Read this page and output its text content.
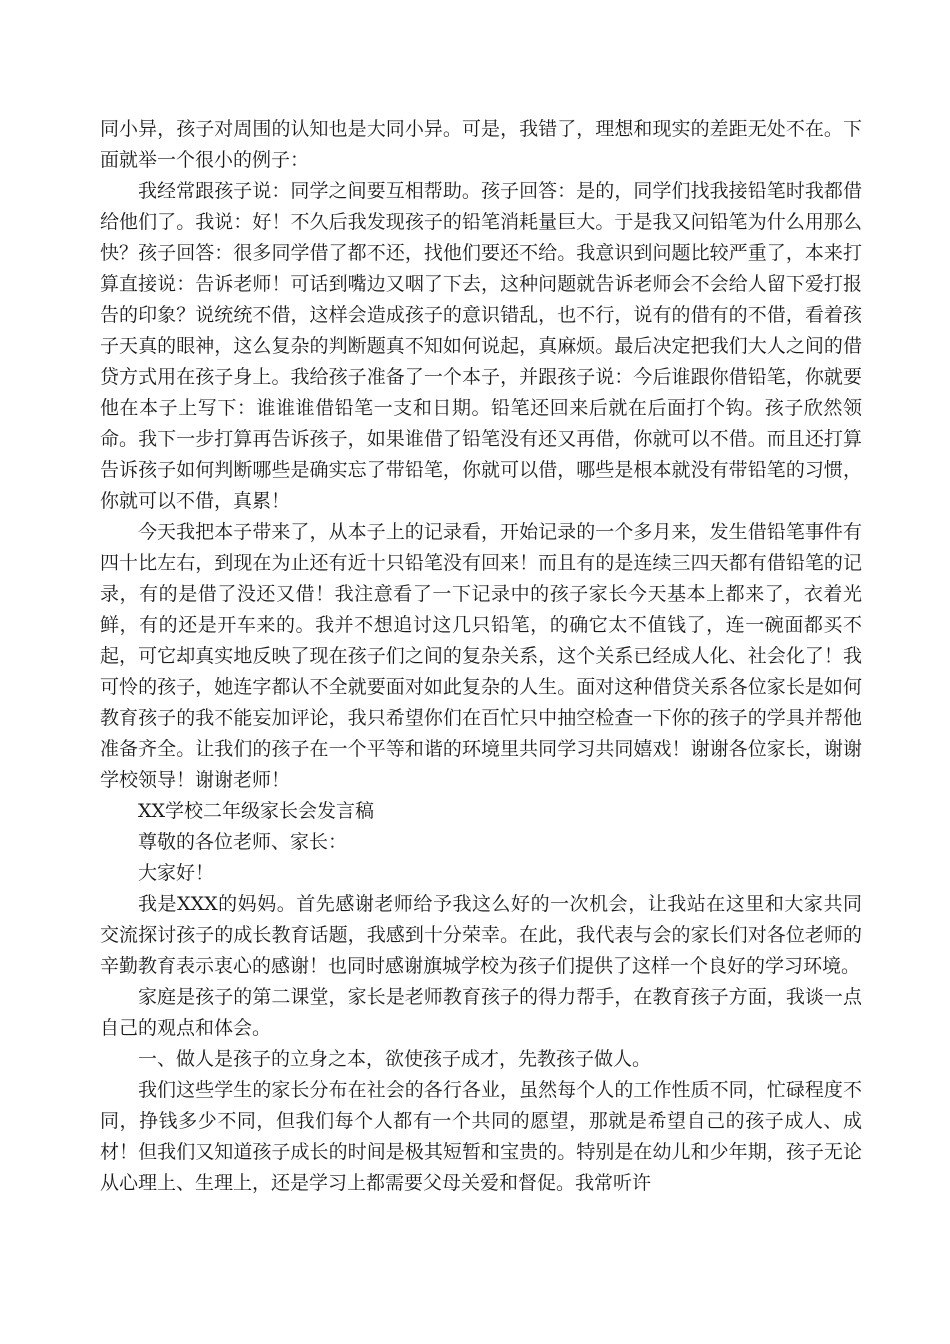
同小异，孩子对周围的认知也是大同小异。可是，我错了，理想和现实的差距无处不在。下面就举一个很小的例子：

我经常跟孩子说：同学之间要互相帮助。孩子回答：是的，同学们找我接铅笔时我都借给他们了。我说：好！不久后我发现孩子的铅笔消耗量巨大。于是我又问铅笔为什么用那么快？孩子回答：很多同学借了都不还，找他们要还不给。我意识到问题比较严重了，本来打算直接说：告诉老师！可话到嘴边又咽了下去，这种问题就告诉老师会不会给人留下爱打报告的印象？说统统不借，这样会造成孩子的意识错乱，也不行，说有的借有的不借，看着孩子天真的眼神，这么复杂的判断题真不知如何说起，真麻烦。最后决定把我们大人之间的借贷方式用在孩子身上。我给孩子准备了一个本子，并跟孩子说：今后谁跟你借铅笔，你就要他在本子上写下：谁谁谁借铅笔一支和日期。铅笔还回来后就在后面打个钩。孩子欣然领命。我下一步打算再告诉孩子，如果谁借了铅笔没有还又再借，你就可以不借。而且还打算告诉孩子如何判断哪些是确实忘了带铅笔，你就可以借，哪些是根本就没有带铅笔的习惯，你就可以不借，真累！

今天我把本子带来了，从本子上的记录看，开始记录的一个多月来，发生借铅笔事件有四十比左右，到现在为止还有近十只铅笔没有回来！而且有的是连续三四天都有借铅笔的记录，有的是借了没还又借！我注意看了一下记录中的孩子家长今天基本上都来了，衣着光鲜，有的还是开车来的。我并不想追讨这几只铅笔，的确它太不值钱了，连一碗面都买不起，可它却真实地反映了现在孩子们之间的复杂关系，这个关系已经成人化、社会化了！我可怜的孩子，她连字都认不全就要面对如此复杂的人生。面对这种借贷关系各位家长是如何教育孩子的我不能妄加评论，我只希望你们在百忙只中抽空检查一下你的孩子的学具并帮他准备齐全。让我们的孩子在一个平等和谐的环境里共同学习共同嬉戏！谢谢各位家长，谢谢学校领导！谢谢老师！

XX学校二年级家长会发言稿

尊敬的各位老师、家长：

大家好！

我是XXX的妈妈。首先感谢老师给予我这么好的一次机会，让我站在这里和大家共同交流探讨孩子的成长教育话题，我感到十分荣幸。在此，我代表与会的家长们对各位老师的辛勤教育表示衷心的感谢！也同时感谢旗城学校为孩子们提供了这样一个良好的学习环境。

家庭是孩子的第二课堂，家长是老师教育孩子的得力帮手，在教育孩子方面，我谈一点自己的观点和体会。

一、做人是孩子的立身之本，欲使孩子成才，先教孩子做人。

我们这些学生的家长分布在社会的各行各业，虽然每个人的工作性质不同，忙碌程度不同，挣钱多少不同，但我们每个人都有一个共同的愿望，那就是希望自己的孩子成人、成材！但我们又知道孩子成长的时间是极其短暂和宝贵的。特别是在幼儿和少年期，孩子无论从心理上、生理上，还是学习上都需要父母关爱和督促。我常听许
